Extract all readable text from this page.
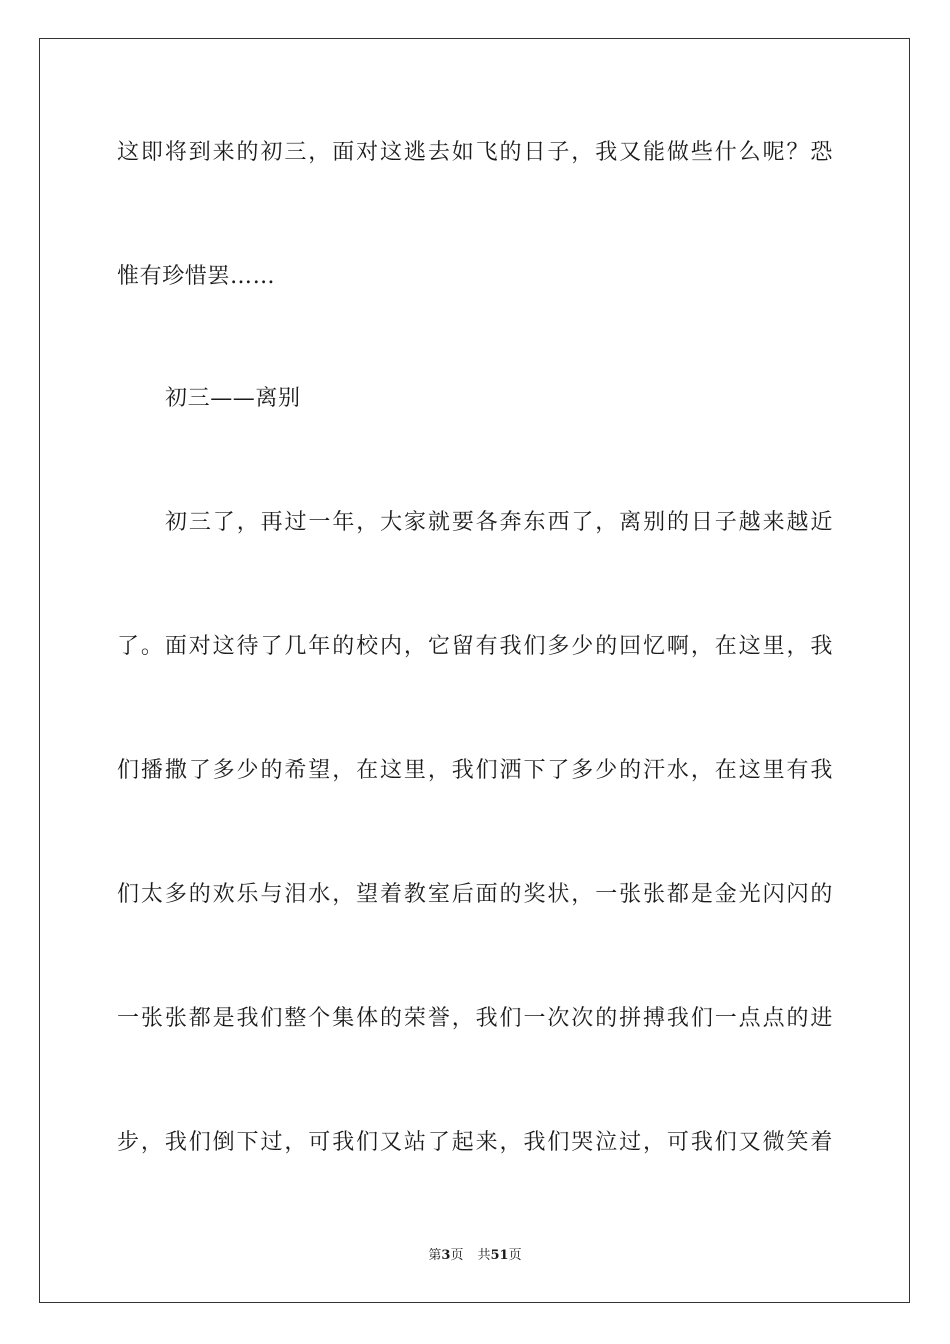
这即将到来的初三，面对这逃去如飞的日子，我又能做些什么呢？恐
惟有珍惜罢……
初三——离别
初三了，再过一年，大家就要各奔东西了，离别的日子越来越近
了。面对这待了几年的校内，它留有我们多少的回忆啊，在这里，我
们播撒了多少的希望，在这里，我们洒下了多少的汗水，在这里有我
们太多的欢乐与泪水，望着教室后面的奖状，一张张都是金光闪闪的
一张张都是我们整个集体的荣誉，我们一次次的拼搏我们一点点的进
步，我们倒下过，可我们又站了起来，我们哭泣过，可我们又微笑着
第3页 共51页
